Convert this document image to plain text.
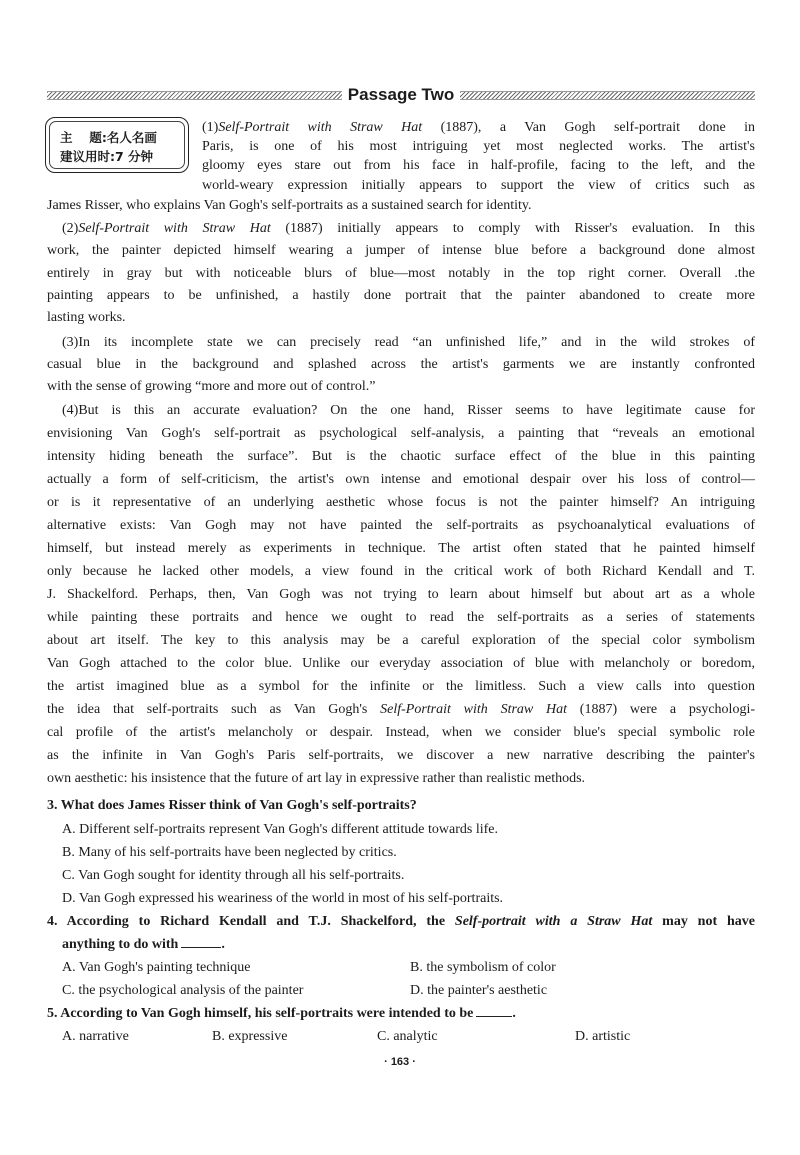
Passage Two
主　 题:名人名画
建议用时:7 分钟
(1)Self-Portrait with Straw Hat (1887), a Van Gogh self-portrait done in
Paris, is one of his most intriguing yet most neglected works. The artist's
gloomy eyes stare out from his face in half-profile, facing to the left, and the
world-weary expression initially appears to support the view of critics such as
James Risser, who explains Van Gogh's self-portraits as a sustained search for identity.
(2)Self-Portrait with Straw Hat (1887) initially appears to comply with Risser's evaluation. In this
work, the painter depicted himself wearing a jumper of intense blue before a background done almost
entirely in gray but with noticeable blurs of blue—most notably in the top right corner. Overall .the
painting appears to be unfinished, a hastily done portrait that the painter abandoned to create more
lasting works.
(3)In its incomplete state we can precisely read “an unfinished life,” and in the wild strokes of
casual blue in the background and splashed across the artist's garments we are instantly confronted
with the sense of growing “more and more out of control.”
(4)But is this an accurate evaluation? On the one hand, Risser seems to have legitimate cause for
envisioning Van Gogh's self-portrait as psychological self-analysis, a painting that “reveals an emotional
intensity hiding beneath the surface”. But is the chaotic surface effect of the blue in this painting
actually a form of self-criticism, the artist's own intense and emotional despair over his loss of control—
or is it representative of an underlying aesthetic whose focus is not the painter himself? An intriguing
alternative exists: Van Gogh may not have painted the self-portraits as psychoanalytical evaluations of
himself, but instead merely as experiments in technique. The artist often stated that he painted himself
only because he lacked other models, a view found in the critical work of both Richard Kendall and T.
J. Shackelford. Perhaps, then, Van Gogh was not trying to learn about himself but about art as a whole
while painting these portraits and hence we ought to read the self-portraits as a series of statements
about art itself. The key to this analysis may be a careful exploration of the special color symbolism
Van Gogh attached to the color blue. Unlike our everyday association of blue with melancholy or boredom,
the artist imagined blue as a symbol for the infinite or the limitless. Such a view calls into question
the idea that self-portraits such as Van Gogh's Self-Portrait with Straw Hat (1887) were a psychologi-
cal profile of the artist's melancholy or despair. Instead, when we consider blue's special symbolic role
as the infinite in Van Gogh's Paris self-portraits, we discover a new narrative describing the painter's
own aesthetic: his insistence that the future of art lay in expressive rather than realistic methods.
3. What does James Risser think of Van Gogh's self-portraits?
A. Different self-portraits represent Van Gogh's different attitude towards life.
B. Many of his self-portraits have been neglected by critics.
C. Van Gogh sought for identity through all his self-portraits.
D. Van Gogh expressed his weariness of the world in most of his self-portraits.
4. According to Richard Kendall and T.J. Shackelford, the Self-portrait with a Straw Hat may not have
anything to do with	.
A. Van Gogh's painting technique	B. the symbolism of color
C. the psychological analysis of the painter	D. the painter's aesthetic
5. According to Van Gogh himself, his self-portraits were intended to be	.
A. narrative	B. expressive	C. analytic	D. artistic
· 163 ·
